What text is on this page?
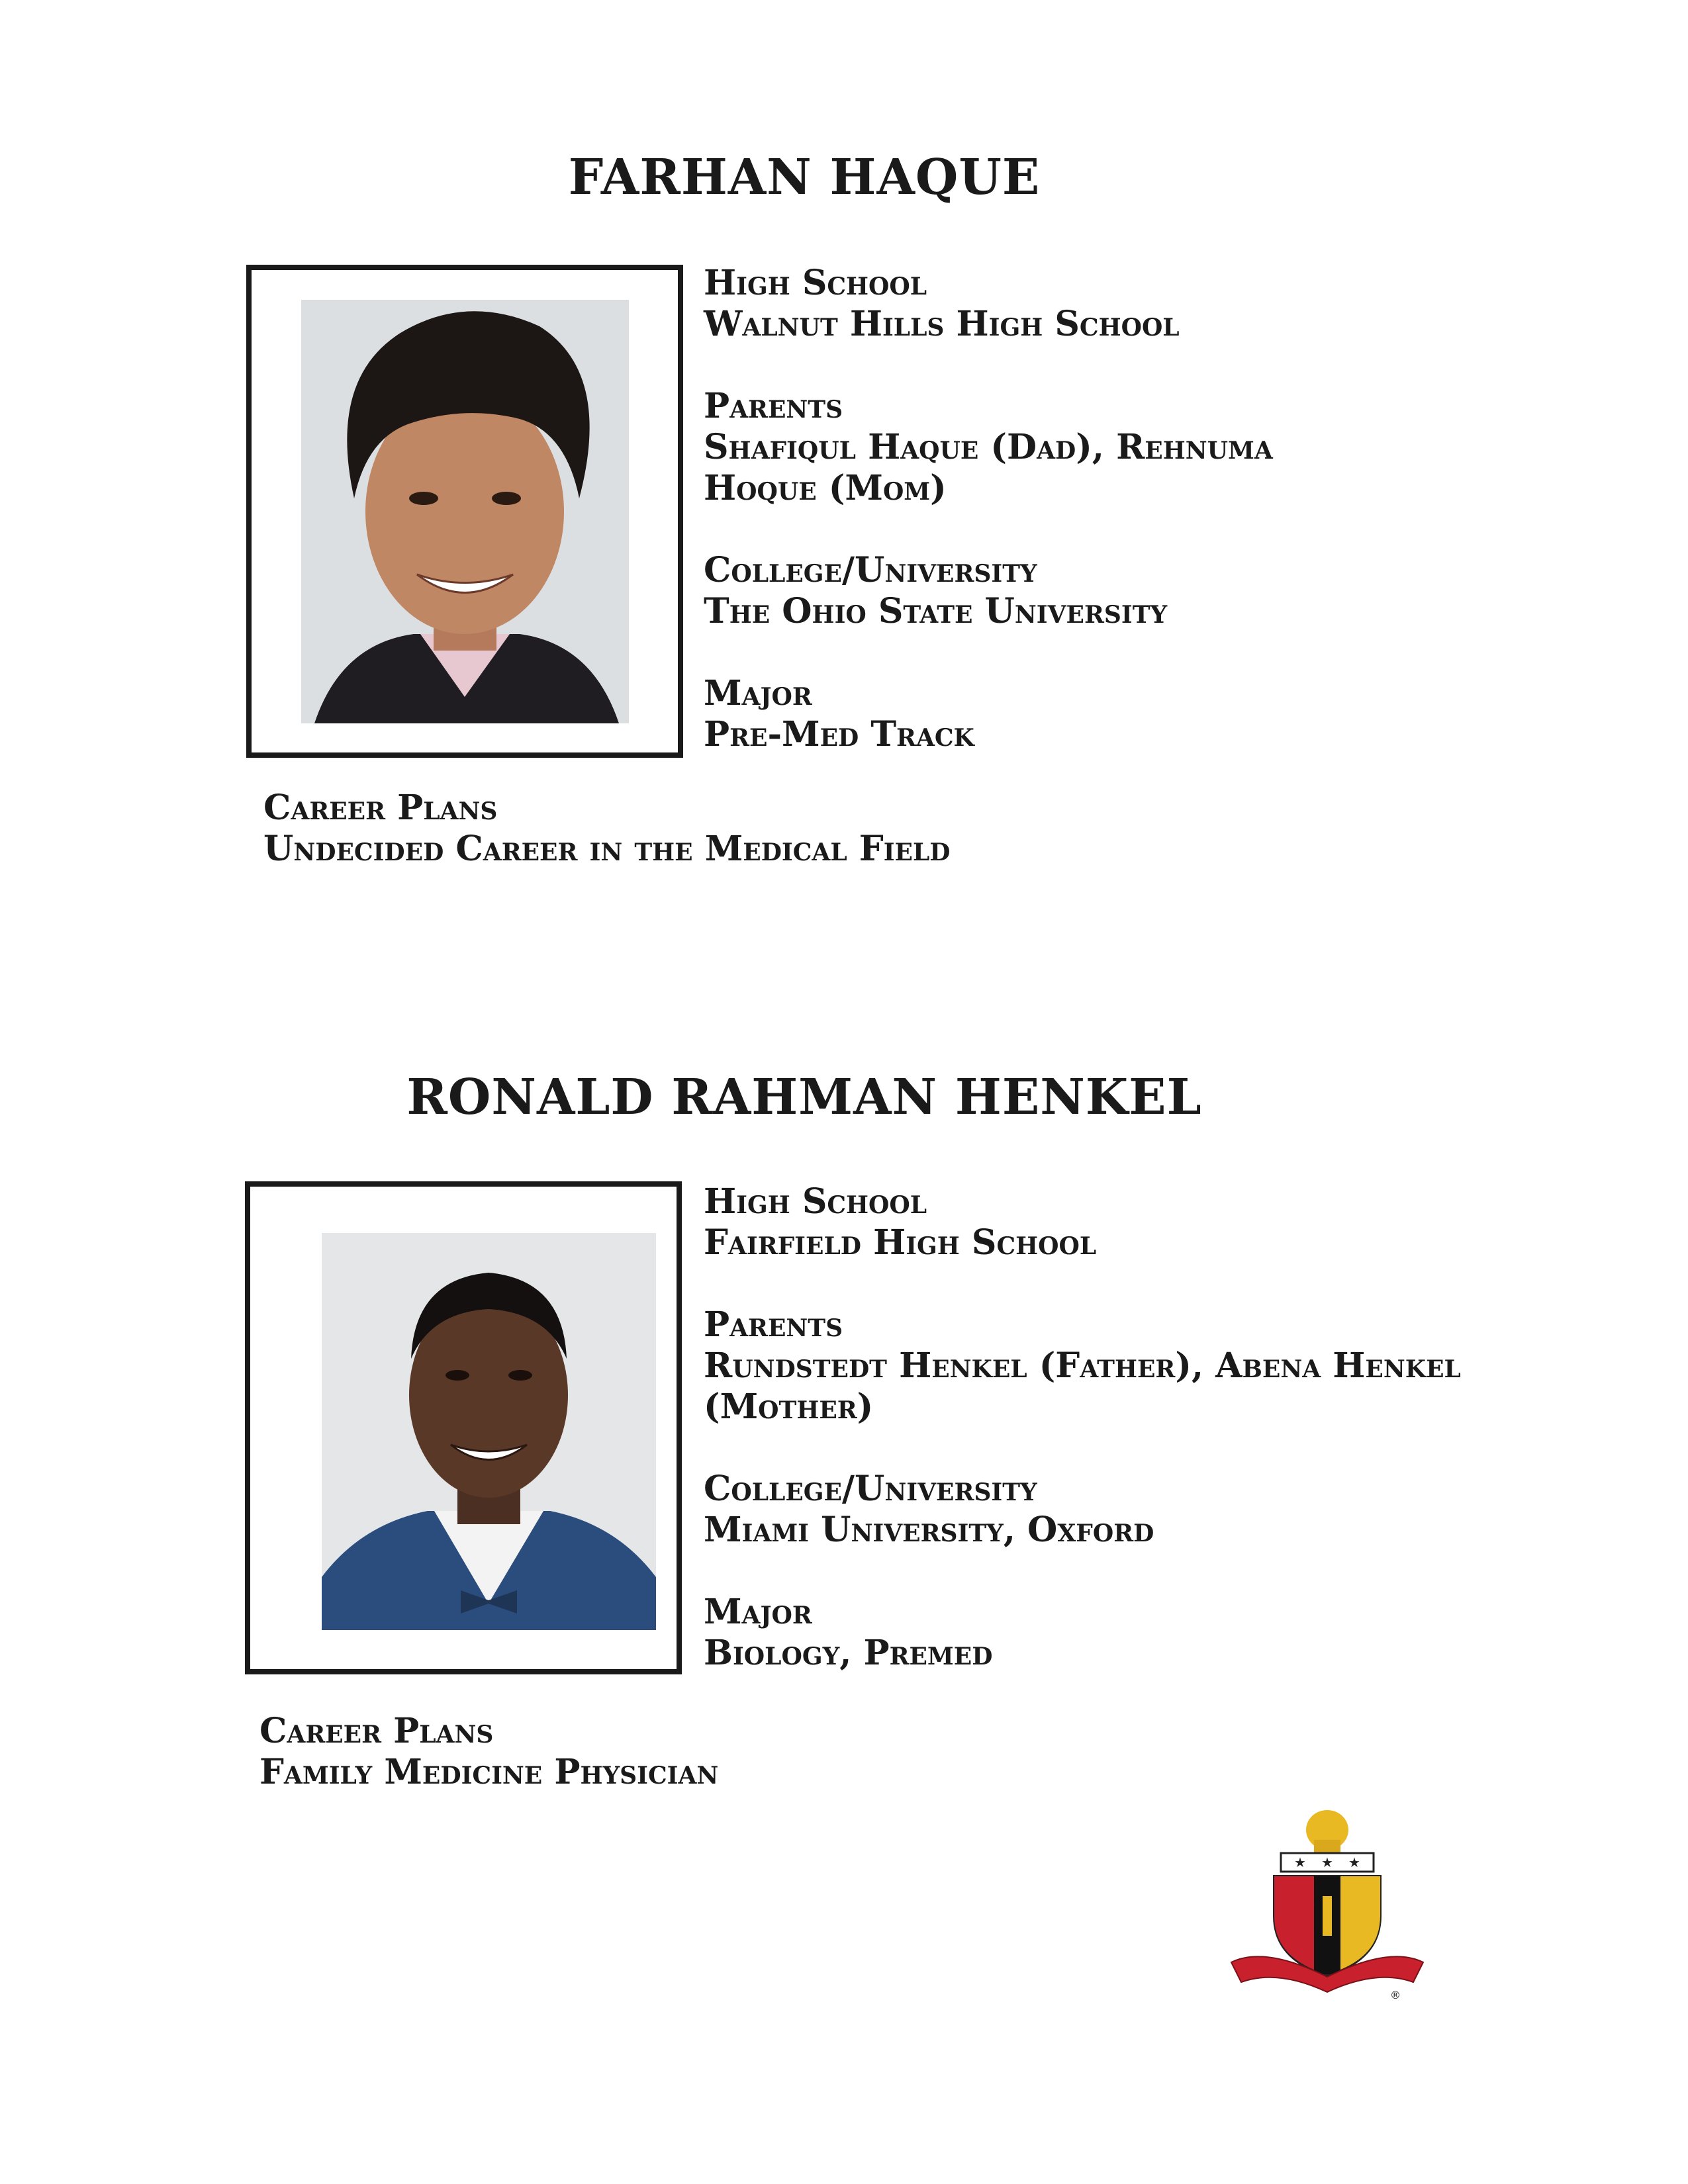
FARHAN HAQUE
High School
Walnut Hills High School
Parents
Shafiqul Haque (Dad), Rehnuma Hoque (Mom)
College/University
The Ohio State University
Major
Pre-Med Track
Career Plans
Undecided Career in the Medical Field
RONALD RAHMAN HENKEL
High School
Fairfield High School
Parents
Rundstedt Henkel (Father), Abena Henkel (Mother)
College/University
Miami University, Oxford
Major
Biology, Premed
Career Plans
Family Medicine Physician
★ ★ ★
®
